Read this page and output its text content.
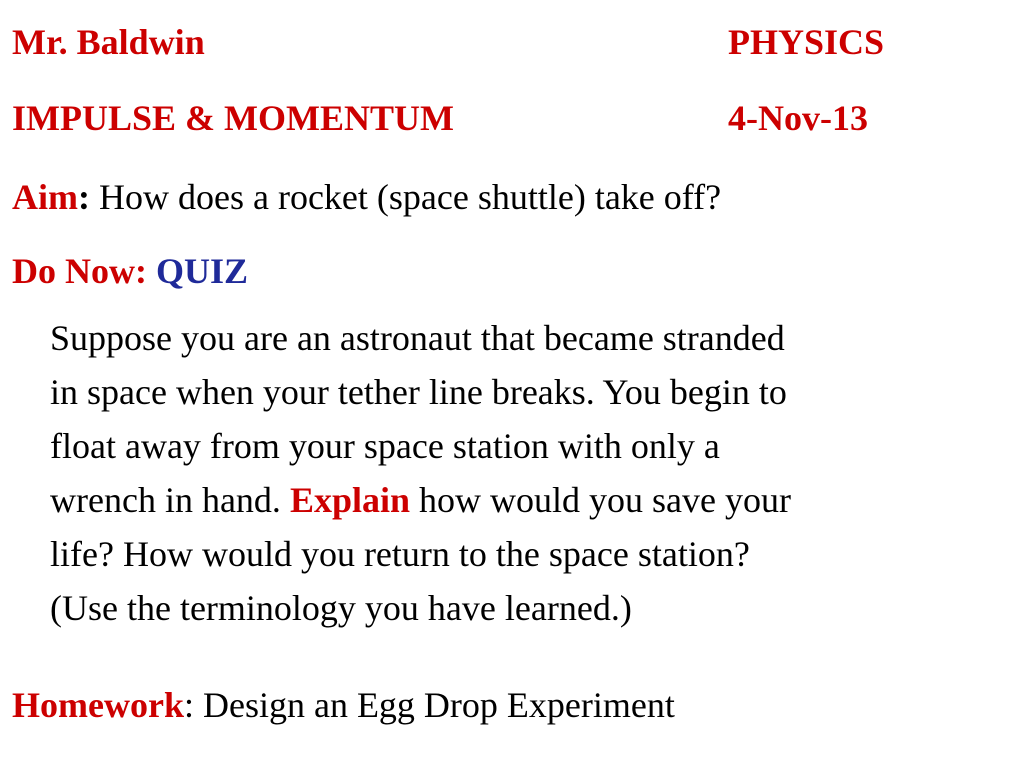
Mr. Baldwin	PHYSICS
IMPULSE & MOMENTUM	4-Nov-13
Aim: How does a rocket (space shuttle) take off?
Do Now: QUIZ
Suppose you are an astronaut that became stranded
in space when your tether line breaks. You begin to
float away from your space station with only a
wrench in hand. Explain how would you save your
life? How would you return to the space station?
(Use the terminology you have learned.)
Homework: Design an Egg Drop Experiment
